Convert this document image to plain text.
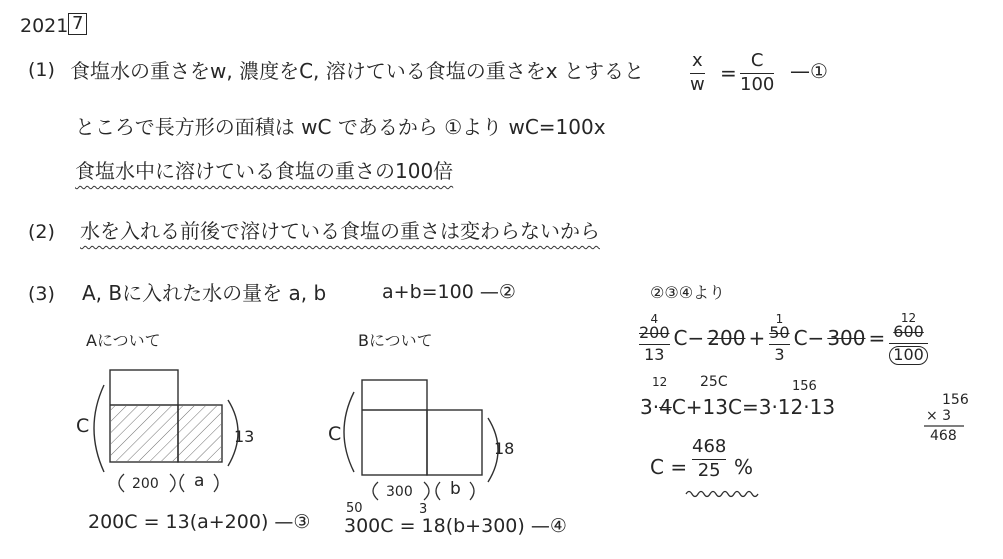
2021 7
(1) 食塩水の重さをw, 濃度をC, 溶けている食塩の重さをx とすると	x
w =
C
100
—①
ところで長方形の面積は wC であるから ①より wC=100x
食塩水中に溶けている食塩の重さの100倍
(2) 水を入れる前後で溶けている食塩の重さは変わらないから
(3) A, Bに入れた水の量を a, b	a+b=100 —②
Aについて
C	13
200 a
200C = 13(a+200) —③
Bについて
C
18
300 b
50	3
300C = 18(b+300) —④
②③④より
4
200
13
C− 200 +
1
50
3
C− 300 =
12
600
100
12 25C	156
3· 4 C+13C=3·12·13
C =
468
25 %
156
× 3
468
